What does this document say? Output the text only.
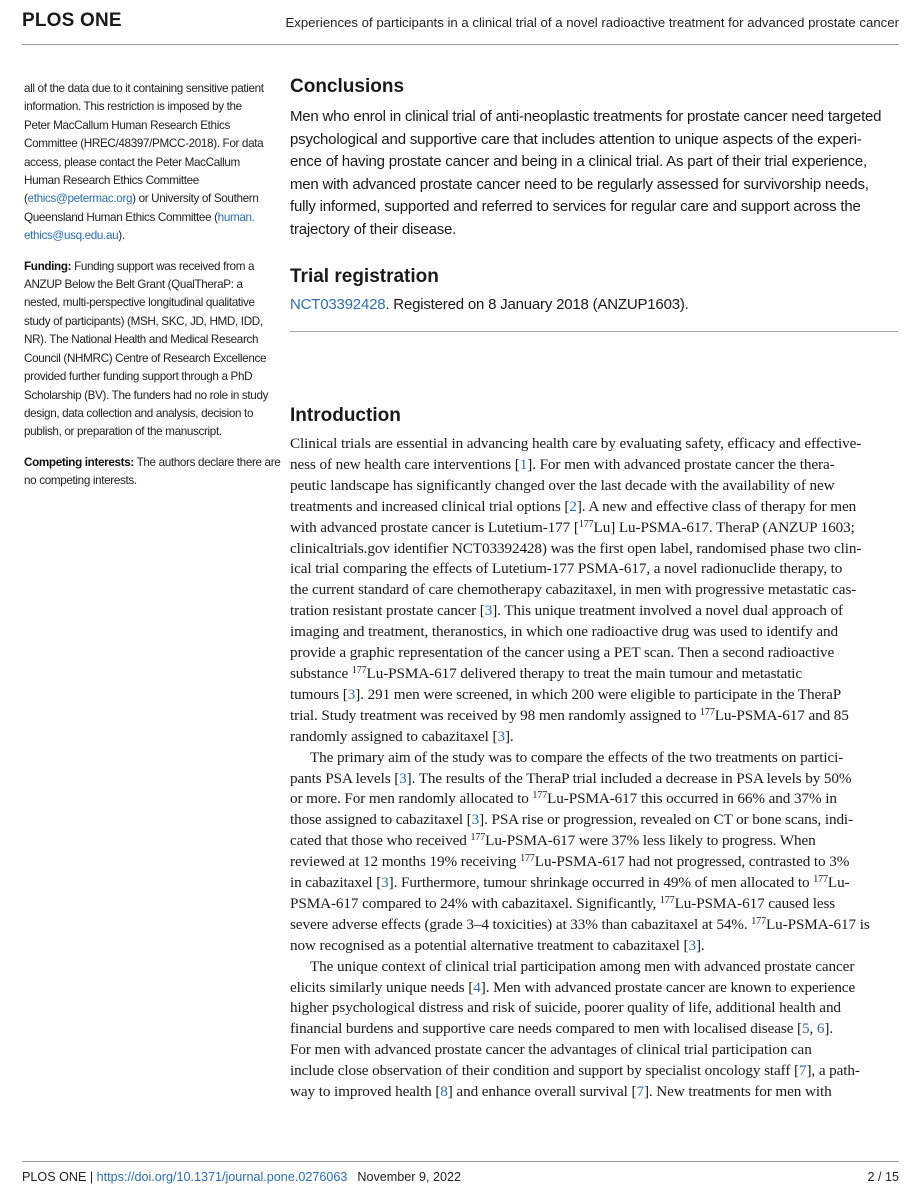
PLOS ONE	Experiences of participants in a clinical trial of a novel radioactive treatment for advanced prostate cancer

all of the data due to it containing sensitive patient
information. This restriction is imposed by the
Peter MacCallum Human Research Ethics
Committee (HREC/48397/PMCC-2018). For data
access, please contact the Peter MacCallum
Human Research Ethics Committee
(ethics@petermac.org) or University of Southern
Queensland Human Ethics Committee (human.
ethics@usq.edu.au).

Funding: Funding support was received from a
ANZUP Below the Belt Grant (QualTheraP: a
nested, multi-perspective longitudinal qualitative
study of participants) (MSH, SKC, JD, HMD, IDD,
NR). The National Health and Medical Research
Council (NHMRC) Centre of Research Excellence
provided further funding support through a PhD
Scholarship (BV). The funders had no role in study
design, data collection and analysis, decision to
publish, or preparation of the manuscript.

Competing interests: The authors declare there are
no competing interests.

Conclusions
Men who enrol in clinical trial of anti-neoplastic treatments for prostate cancer need targeted
psychological and supportive care that includes attention to unique aspects of the experi-
ence of having prostate cancer and being in a clinical trial. As part of their trial experience,
men with advanced prostate cancer need to be regularly assessed for survivorship needs,
fully informed, supported and referred to services for regular care and support across the
trajectory of their disease.
Trial registration
NCT03392428. Registered on 8 January 2018 (ANZUP1603).
Introduction
Clinical trials are essential in advancing health care by evaluating safety, efficacy and effective-
ness of new health care interventions [1]. For men with advanced prostate cancer the thera-
peutic landscape has significantly changed over the last decade with the availability of new
treatments and increased clinical trial options [2]. A new and effective class of therapy for men
with advanced prostate cancer is Lutetium-177 [$^{177}$Lu] Lu-PSMA-617. TheraP (ANZUP 1603;
clinicaltrials.gov identifier NCT03392428) was the first open label, randomised phase two clin-
ical trial comparing the effects of Lutetium-177 PSMA-617, a novel radionuclide therapy, to
the current standard of care chemotherapy cabazitaxel, in men with progressive metastatic cas-
tration resistant prostate cancer [3]. This unique treatment involved a novel dual approach of
imaging and treatment, theranostics, in which one radioactive drug was used to identify and
provide a graphic representation of the cancer using a PET scan. Then a second radioactive
substance $^{177}$Lu-PSMA-617 delivered therapy to treat the main tumour and metastatic
tumours [3]. 291 men were screened, in which 200 were eligible to participate in the TheraP
trial. Study treatment was received by 98 men randomly assigned to $^{177}$Lu-PSMA-617 and 85
randomly assigned to cabazitaxel [3].
The primary aim of the study was to compare the effects of the two treatments on partici-
pants PSA levels [3]. The results of the TheraP trial included a decrease in PSA levels by 50%
or more. For men randomly allocated to $^{177}$Lu-PSMA-617 this occurred in 66% and 37% in
those assigned to cabazitaxel [3]. PSA rise or progression, revealed on CT or bone scans, indi-
cated that those who received $^{177}$Lu-PSMA-617 were 37% less likely to progress. When
reviewed at 12 months 19% receiving $^{177}$Lu-PSMA-617 had not progressed, contrasted to 3%
in cabazitaxel [3]. Furthermore, tumour shrinkage occurred in 49% of men allocated to $^{177}$Lu-
PSMA-617 compared to 24% with cabazitaxel. Significantly, $^{177}$Lu-PSMA-617 caused less
severe adverse effects (grade 3–4 toxicities) at 33% than cabazitaxel at 54%. $^{177}$Lu-PSMA-617 is
now recognised as a potential alternative treatment to cabazitaxel [3].
The unique context of clinical trial participation among men with advanced prostate cancer
elicits similarly unique needs [4]. Men with advanced prostate cancer are known to experience
higher psychological distress and risk of suicide, poorer quality of life, additional health and
financial burdens and supportive care needs compared to men with localised disease [5, 6].
For men with advanced prostate cancer the advantages of clinical trial participation can
include close observation of their condition and support by specialist oncology staff [7], a path-
way to improved health [8] and enhance overall survival [7]. New treatments for men with
PLOS ONE | https://doi.org/10.1371/journal.pone.0276063 November 9, 2022	2 / 15
